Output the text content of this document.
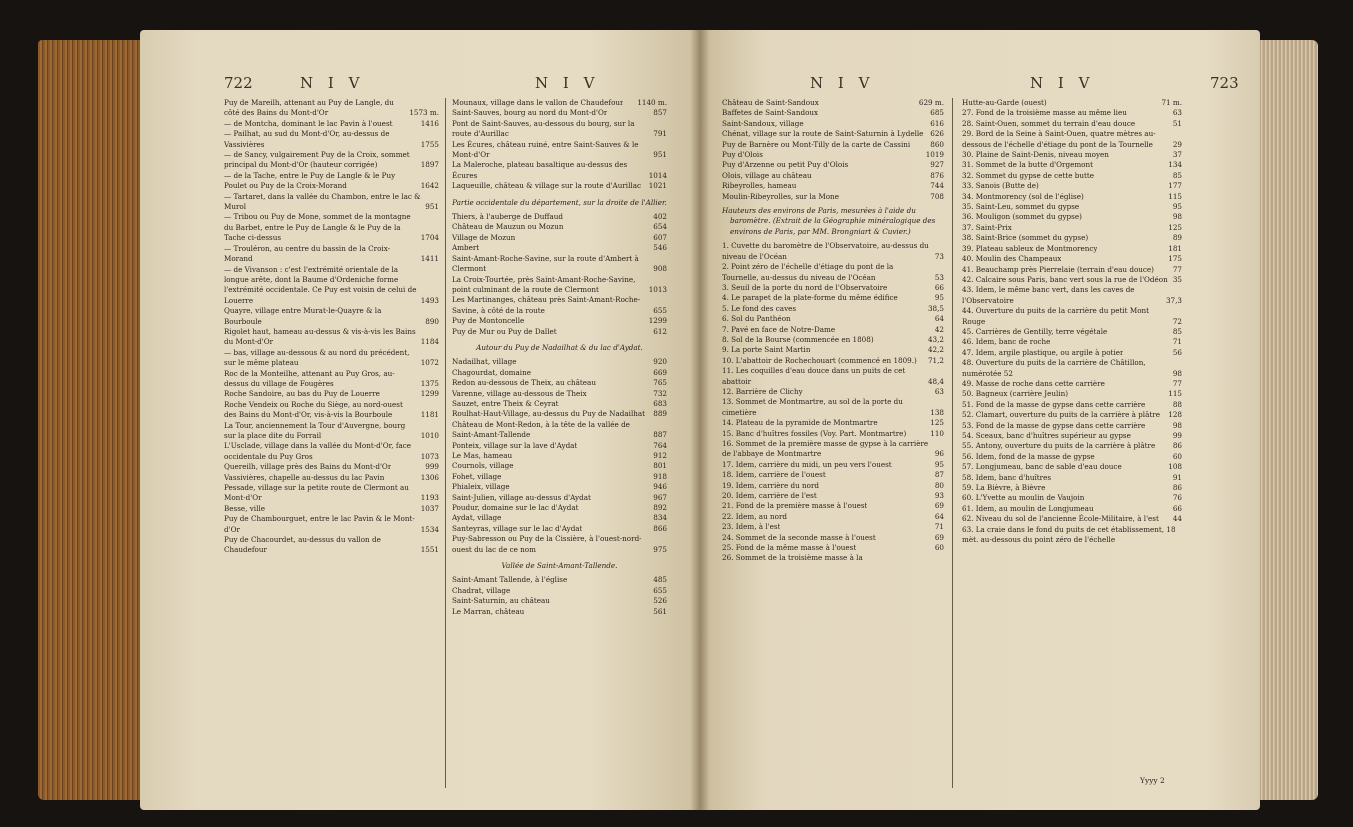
722	N I V	N I V
Puy de Mareilh, attenant au Puy de Langle, du côté des Bains du Mont-d'Or	1573 m.
— de Montcha, dominant le lac Pavin à l'ouest	1416
— Pailhat, au sud du Mont-d'Or, au-dessus de Vassivières	1755
— de Sancy, vulgairement Puy de la Croix, sommet principal du Mont-d'Or (hauteur corrigée)	1897
— de la Tache, entre le Puy de Langle & le Puy Poulet ou Puy de la Croix-Morand	1642
— Tartaret, dans la vallée du Chambon, entre le lac & Murol	951
— Tribou ou Puy de Mone, sommet de la montagne du Barbet, entre le Puy de Langle & le Puy de la Tache ci-dessus	1704
— Trouléron, au centre du bassin de la Croix-Morand	1411
— de Vivanson : c'est l'extrémité orientale de la longue arête, dont la Baume d'Ordeniche forme l'extrémité occidentale. Ce Puy est voisin de celui de Louerre	1493
Quayre, village entre Murat-le-Quayre & la Bourboule	890
Rigolet haut, hameau au-dessus & vis-à-vis les Bains du Mont-d'Or	1184
— bas, village au-dessous & au nord du précédent, sur le même plateau	1072
Roc de la Monteilhe, attenant au Puy Gros, au-dessus du village de Fougères	1375
Roche Sandoire, au bas du Puy de Louerre	1299
Roche Vendeix ou Roche du Siège, au nord-ouest des Bains du Mont-d'Or, vis-à-vis la Bourboule	1181
La Tour, anciennement la Tour d'Auvergne, bourg sur la place dite du Forrail	1010
L'Usclade, village dans la vallée du Mont-d'Or, face occidentale du Puy Gros	1073
Quereilh, village près des Bains du Mont-d'Or	999
Vassivières, chapelle au-dessus du lac Pavin	1306
Pessade, village sur la petite route de Clermont au Mont-d'Or	1193
Besse, ville	1037
Puy de Chambourguet, entre le lac Pavin & le Mont-d'Or	1534
Puy de Chacourdet, au-dessus du vallon de Chaudefour	1551
Mounaux, village dans le vallon de Chaudefour	1140 m.
Saint-Sauves, bourg au nord du Mont-d'Or	857
Pont de Saint-Sauves, au-dessous du bourg, sur la route d'Aurillac	791
Les Écures, château ruiné, entre Saint-Sauves & le Mont-d'Or	951
La Maleroche, plateau basaltique au-dessus des Écures	1014
Laqueuille, château & village sur la route d'Aurillac	1021
Partie occidentale du département, sur la droite de l'Allier.
Thiers, à l'auberge de Duffaud	402
Château de Mauzun ou Mozun	654
Village de Mozun	607
Ambert	546
Saint-Amant-Roche-Savine, sur la route d'Ambert à Clermont	908
La Croix-Tourtée, près Saint-Amant-Roche-Savine, point culminant de la route de Clermont	1013
Les Martinanges, château près Saint-Amant-Roche-Savine, à côté de la route	655
Puy de Montoncelle	1299
Puy de Mur ou Puy de Dallet	612
Autour du Puy de Nadailhat & du lac d'Aydat.
Nadailhat, village	920
Chagourdat, domaine	669
Redon au-dessous de Theix, au château	765
Varenne, village au-dessous de Theix	732
Sauzet, entre Theix & Ceyrat	683
Roulhat-Haut-Village, au-dessus du Puy de Nadailhat	889
Château de Mont-Redon, à la tête de la vallée de Saint-Amant-Tallende	887
Ponteix, village sur la lave d'Aydat	764
Le Mas, hameau	912
Cournols, village	801
Fohet, village	918
Phialeix, village	946
Saint-Julien, village au-dessus d'Aydat	967
Poudur, domaine sur le lac d'Aydat	892
Aydat, village	834
Santeyras, village sur le lac d'Aydat	866
Puy-Sabresson ou Puy de la Cissière, à l'ouest-nord-ouest du lac de ce nom	975
Vallée de Saint-Amant-Tallende.
Saint-Amant Tallende, à l'église	485
Chadrat, village	655
Saint-Saturnin, au château	526
Le Marran, château	561
N I V	N I V	723
Château de Saint-Sandoux	629 m.
Baffetes de Saint-Sandoux	685
Saint-Sandoux, village	616
Chénat, village sur la route de Saint-Saturnin à Lydelle 626
Puy de Barnère ou Mont-Tilly de la carte de Cassini	860
Puy d'Olois	1019
Puy d'Arzenne ou petit Puy d'Olois	927
Olois, village au château	876
Ribeyrolles, hameau	744
Moulin-Ribeyrolles, sur la Mone	708
Hauteurs des environs de Paris, mesurées à l'aide du baromètre. (Extrait de la Géographie minéralogique des environs de Paris, par MM. Brongniart & Cuvier.)
1. Cuvette du baromètre de l'Observatoire, au-dessus du niveau de l'Océan	73
2. Point zéro de l'échelle d'étiage du pont de la Tournelle, au-dessus du niveau de l'Océan	53
3. Seuil de la porte du nord de l'Observatoire	66
4. Le parapet de la plate-forme du même édifice	95
5. Le fond des caves	38,5
6. Sol du Panthéon	64
7. Pavé en face de Notre-Dame	42
8. Sol de la Bourse (commencée en 1808)	43,2
9. La porte Saint Martin	42,2
10. L'abattoir de Rochechouart (commencé en 1809.)	71,2
11. Les coquilles d'eau douce dans un puits de cet abattoir	48,4
12. Barrière de Clichy	63
13. Sommet de Montmartre, au sol de la porte du cimetière	138
14. Plateau de la pyramide de Montmartre	125
15. Banc d'huîtres fossiles (Voy. Part. Montmartre)	110
16. Sommet de la première masse de gypse à la carrière de l'abbaye de Montmartre	96
17. Idem, carrière du midi, un peu vers l'ouest	95
18. Idem, carrière de l'ouest	87
19. Idem, carrière du nord	80
20. Idem, carrière de l'est	93
21. Fond de la première masse à l'ouest	69
22. Idem, au nord	64
23. Idem, à l'est	71
24. Sommet de la seconde masse à l'ouest	69
25. Fond de la même masse à l'ouest	60
26. Sommet de la troisième masse à la
Hutte-au-Garde (ouest)	71 m.
27. Fond de la troisième masse au même lieu	63
28. Saint-Ouen, sommet du terrain d'eau douce	51
29. Bord de la Seine à Saint-Ouen, quatre mètres au-dessous de l'échelle d'étiage du pont de la Tournelle	29
30. Plaine de Saint-Denis, niveau moyen	37
31. Sommet de la butte d'Orgemont	134
32. Sommet du gypse de cette butte	85
33. Sanois (Butte de)	177
34. Montmorency (sol de l'église)	115
35. Saint-Leu, sommet du gypse	95
36. Mouligon (sommet du gypse)	98
37. Saint-Prix	125
38. Saint-Brice (sommet du gypse)	89
39. Plateau sableux de Montmorency	181
40. Moulin des Champeaux	175
41. Beauchamp près Pierrelaie (terrain d'eau douce)	77
42. Calcaire sous Paris, banc vert sous la rue de l'Odéon 35
43. Idem, le même banc vert, dans les caves de l'Observatoire	37,3
44. Ouverture du puits de la carrière du petit Mont Rouge	72
45. Carrières de Gentilly, terre végétale	85
46. Idem, banc de roche	71
47. Idem, argile plastique, ou argile à potier	56
48. Ouverture du puits de la carrière de Châtillon, numérotée 52	98
49. Masse de roche dans cette carrière	77
50. Bagneux (carrière Jeulin)	115
51. Fond de la masse de gypse dans cette carrière	88
52. Clamart, ouverture du puits de la carrière à plâtre	128
53. Fond de la masse de gypse dans cette carrière	98
54. Sceaux, banc d'huîtres supérieur au gypse	99
55. Antony, ouverture du puits de la carrière à plâtre	86
56. Idem, fond de la masse de gypse	60
57. Longjumeau, banc de sable d'eau douce	108
58. Idem, banc d'huîtres	91
59. La Bièvre, à Bièvre	86
60. L'Yvette au moulin de Vaujoin	76
61. Idem, au moulin de Longjumeau	66
62. Niveau du sol de l'ancienne École-Militaire, à l'est	44
63. La craie dans le fond du puits de cet établissement, 18 mèt. au-dessous du point zéro de l'échelle
Yyyy 2
